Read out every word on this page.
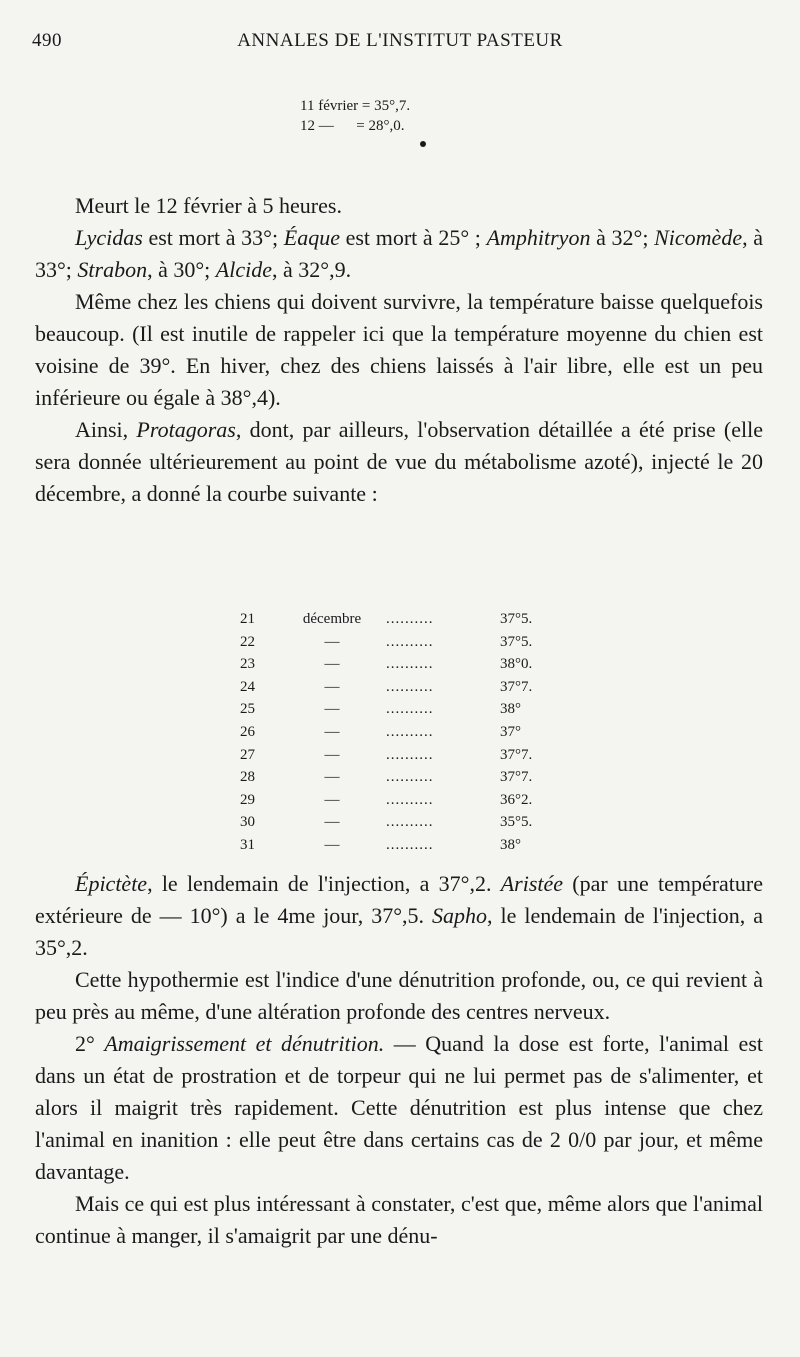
490	ANNALES DE L'INSTITUT PASTEUR
11 février = 35°,7.
12 — = 28°,0.

Meurt le 12 février à 5 heures.

Lycidas est mort à 33°; Éaque est mort à 25° ; Amphitryon à 32°; Nicomède, à 33°; Strabon, à 30°; Alcide, à 32°,9.

Même chez les chiens qui doivent survivre, la température baisse quelquefois beaucoup. (Il est inutile de rappeler ici que la température moyenne du chien est voisine de 39°. En hiver, chez des chiens laissés à l'air libre, elle est un peu inférieure ou égale à 38°,4).

Ainsi, Protagoras, dont, par ailleurs, l'observation détaillée a été prise (elle sera donnée ultérieurement au point de vue du métabolisme azoté), injecté le 20 décembre, a donné la courbe suivante :

21	décembre	..........	37°5.
22	—	..........	37°5.
23	—	..........	38°0.
24	—	..........	37°7.
25	—	..........	38°
26	—	..........	37°
27	—	..........	37°7.
28	—	..........	37°7.
29	—	..........	36°2.
30	—	..........	35°5.
31	—	..........	38°

Épictète, le lendemain de l'injection, a 37°,2. Aristée (par une température extérieure de — 10°) a le 4me jour, 37°,5. Sapho, le lendemain de l'injection, a 35°,2.

Cette hypothermie est l'indice d'une dénutrition profonde, ou, ce qui revient à peu près au même, d'une altération profonde des centres nerveux.

2° Amaigrissement et dénutrition. — Quand la dose est forte, l'animal est dans un état de prostration et de torpeur qui ne lui permet pas de s'alimenter, et alors il maigrit très rapidement. Cette dénutrition est plus intense que chez l'animal en inanition : elle peut être dans certains cas de 2 0/0 par jour, et même davantage.

Mais ce qui est plus intéressant à constater, c'est que, même alors que l'animal continue à manger, il s'amaigrit par une dénu-
